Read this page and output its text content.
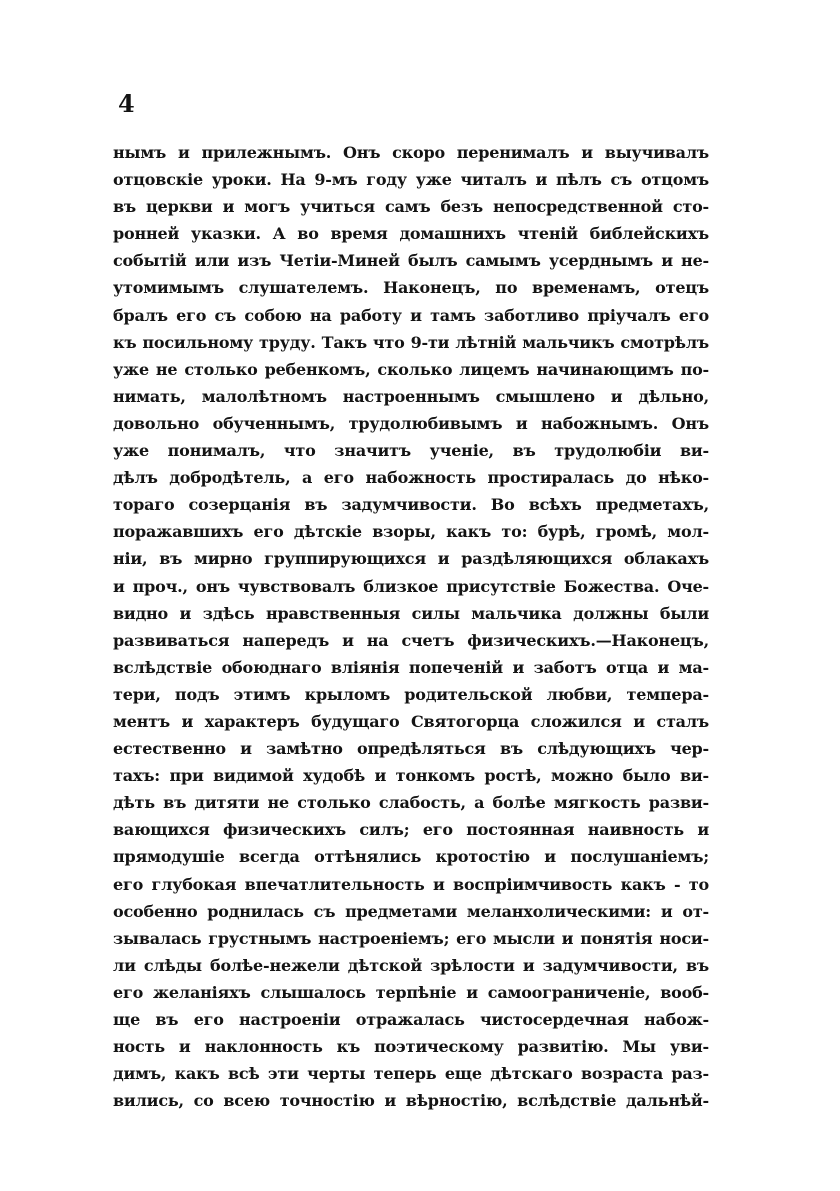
4
нымъ и прилежнымъ. Онъ скоро перенималъ и выучивалъ
отцовскіе уроки. На 9-мъ году уже читалъ и пѣлъ съ отцомъ
въ церкви и могъ учиться самъ безъ непосредственной сто-
ронней указки. А во время домашнихъ чтеній библейскихъ
событій или изъ Четіи-Миней былъ самымъ усерднымъ и не-
утомимымъ слушателемъ. Наконецъ, по временамъ, отецъ
бралъ его съ собою на работу и тамъ заботливо пріучалъ его
къ посильному труду. Такъ что 9-ти лѣтній мальчикъ смотрѣлъ
уже не столько ребенкомъ, сколько лицемъ начинающимъ по-
нимать, малолѣтномъ настроеннымъ смышлено и дѣльно,
довольно обученнымъ, трудолюбивымъ и набожнымъ. Онъ
уже понималъ, что значитъ ученіе, въ трудолюбіи ви-
дѣлъ добродѣтель, а его набожность простиралась до нѣко-
тораго созерцанія въ задумчивости. Во всѣхъ предметахъ,
поражавшихъ его дѣтскіе взоры, какъ то: бурѣ, громѣ, мол-
ніи, въ мирно группирующихся и раздѣляющихся облакахъ
и проч., онъ чувствовалъ близкое присутствіе Божества. Оче-
видно и здѣсь нравственныя силы мальчика должны были
развиваться напередъ и на счетъ физическихъ.—Наконецъ,
вслѣдствіе обоюднаго вліянія попеченій и заботъ отца и ма-
тери, подъ этимъ крыломъ родительской любви, темпера-
ментъ и характеръ будущаго Святогорца сложился и сталъ
естественно и замѣтно опредѣляться въ слѣдующихъ чер-
тахъ: при видимой худобѣ и тонкомъ ростѣ, можно было ви-
дѣть въ дитяти не столько слабость, а болѣе мягкость разви-
вающихся физическихъ силъ; его постоянная наивность и
прямодушіе всегда оттѣнялись кротостію и послушаніемъ;
его глубокая впечатлительность и воспріимчивость какъ - то
особенно роднилась съ предметами меланхолическими: и от-
зывалась грустнымъ настроеніемъ; его мысли и понятія носи-
ли слѣды болѣе-нежели дѣтской зрѣлости и задумчивости, въ
его желаніяхъ слышалось терпѣніе и самоограниченіе, вооб-
ще въ его настроеніи отражалась чистосердечная набож-
ность и наклонность къ поэтическому развитію. Мы уви-
димъ, какъ всѣ эти черты теперь еще дѣтскаго возраста раз-
вились, со всею точностію и вѣрностію, вслѣдствіе дальнѣй-
